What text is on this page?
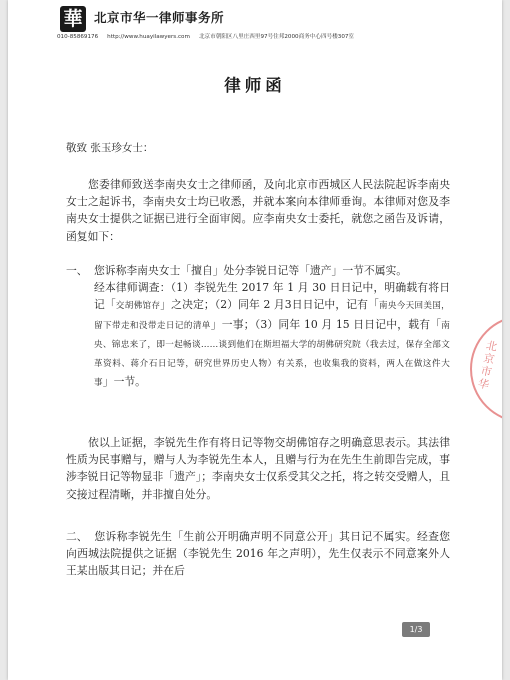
華 北京市华一律师事务所
010-85869176 http://www.huayilawyers.com 北京市朝阳区八里庄西里97号住邦2000商务中心四号楼307室
律师函
敬致 张玉珍女士：
您委律师致送李南央女士之律师函，及向北京市西城区人民法院起诉李南央女士之起诉书，李南央女士均已收悉，并就本案向本律师垂询。本律师对您及李南央女士提供之证据已进行全面审阅。应李南央女士委托，就您之函告及诉请，函复如下：
一、 您诉称李南央女士「擅自」处分李锐日记等「遗产」一节不属实。
经本律师调查：（1）李锐先生 2017 年 1 月 30 日日记中，明确载有将日记「交胡佛馆存」之决定；（2）同年 2 月3日日记中，记有「南央今天回美国，留下带走和没带走日记的清单」一事；（3）同年 10 月 15 日日记中，载有「南央、锦忠来了，即一起畅谈……谈到他们在斯坦福大学的胡佛研究院（我去过，保存全部文革资料、蒋介石日记等，研究世界历史人物）有关系，也收集我的资料，两人在做这件大事」一节。
依以上证据，李锐先生作有将日记等物交胡佛馆存之明确意思表示。其法律性质为民事赠与，赠与人为李锐先生本人，且赠与行为在先生生前即告完成，事涉李锐日记等物显非「遗产」；李南央女士仅系受其父之托，将之转交受赠人，且交接过程清晰，并非擅自处分。
二、 您诉称李锐先生「生前公开明确声明不同意公开」其日记不属实。经查您向西城法院提供之证据（李锐先生 2016 年之声明），先生仅表示不同意案外人王某出版其日记；并在后
1/3
北京市华
